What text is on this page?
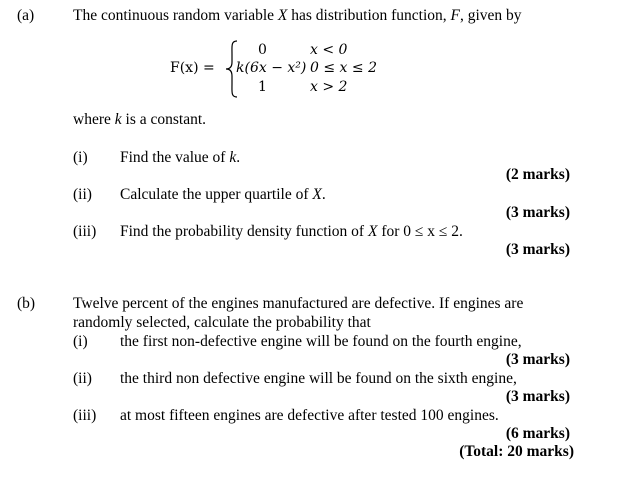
(a)	The continuous random variable X has distribution function, F, given by
F(x) =
0	x < 0
k(6x − x²) 0 ≤ x ≤ 2
1	x > 2
where k is a constant.
(i) Find the value of k.
(2 marks)
(ii) Calculate the upper quartile of X.
(3 marks)
(iii) Find the probability density function of X for 0 ≤ x ≤ 2.
(3 marks)
(b) Twelve percent of the engines manufactured are defective. If engines are
randomly selected, calculate the probability that
(i) the first non-defective engine will be found on the fourth engine,
(3 marks)
(ii) the third non defective engine will be found on the sixth engine,
(3 marks)
(iii) at most fifteen engines are defective after tested 100 engines.
(6 marks)
(Total: 20 marks)
